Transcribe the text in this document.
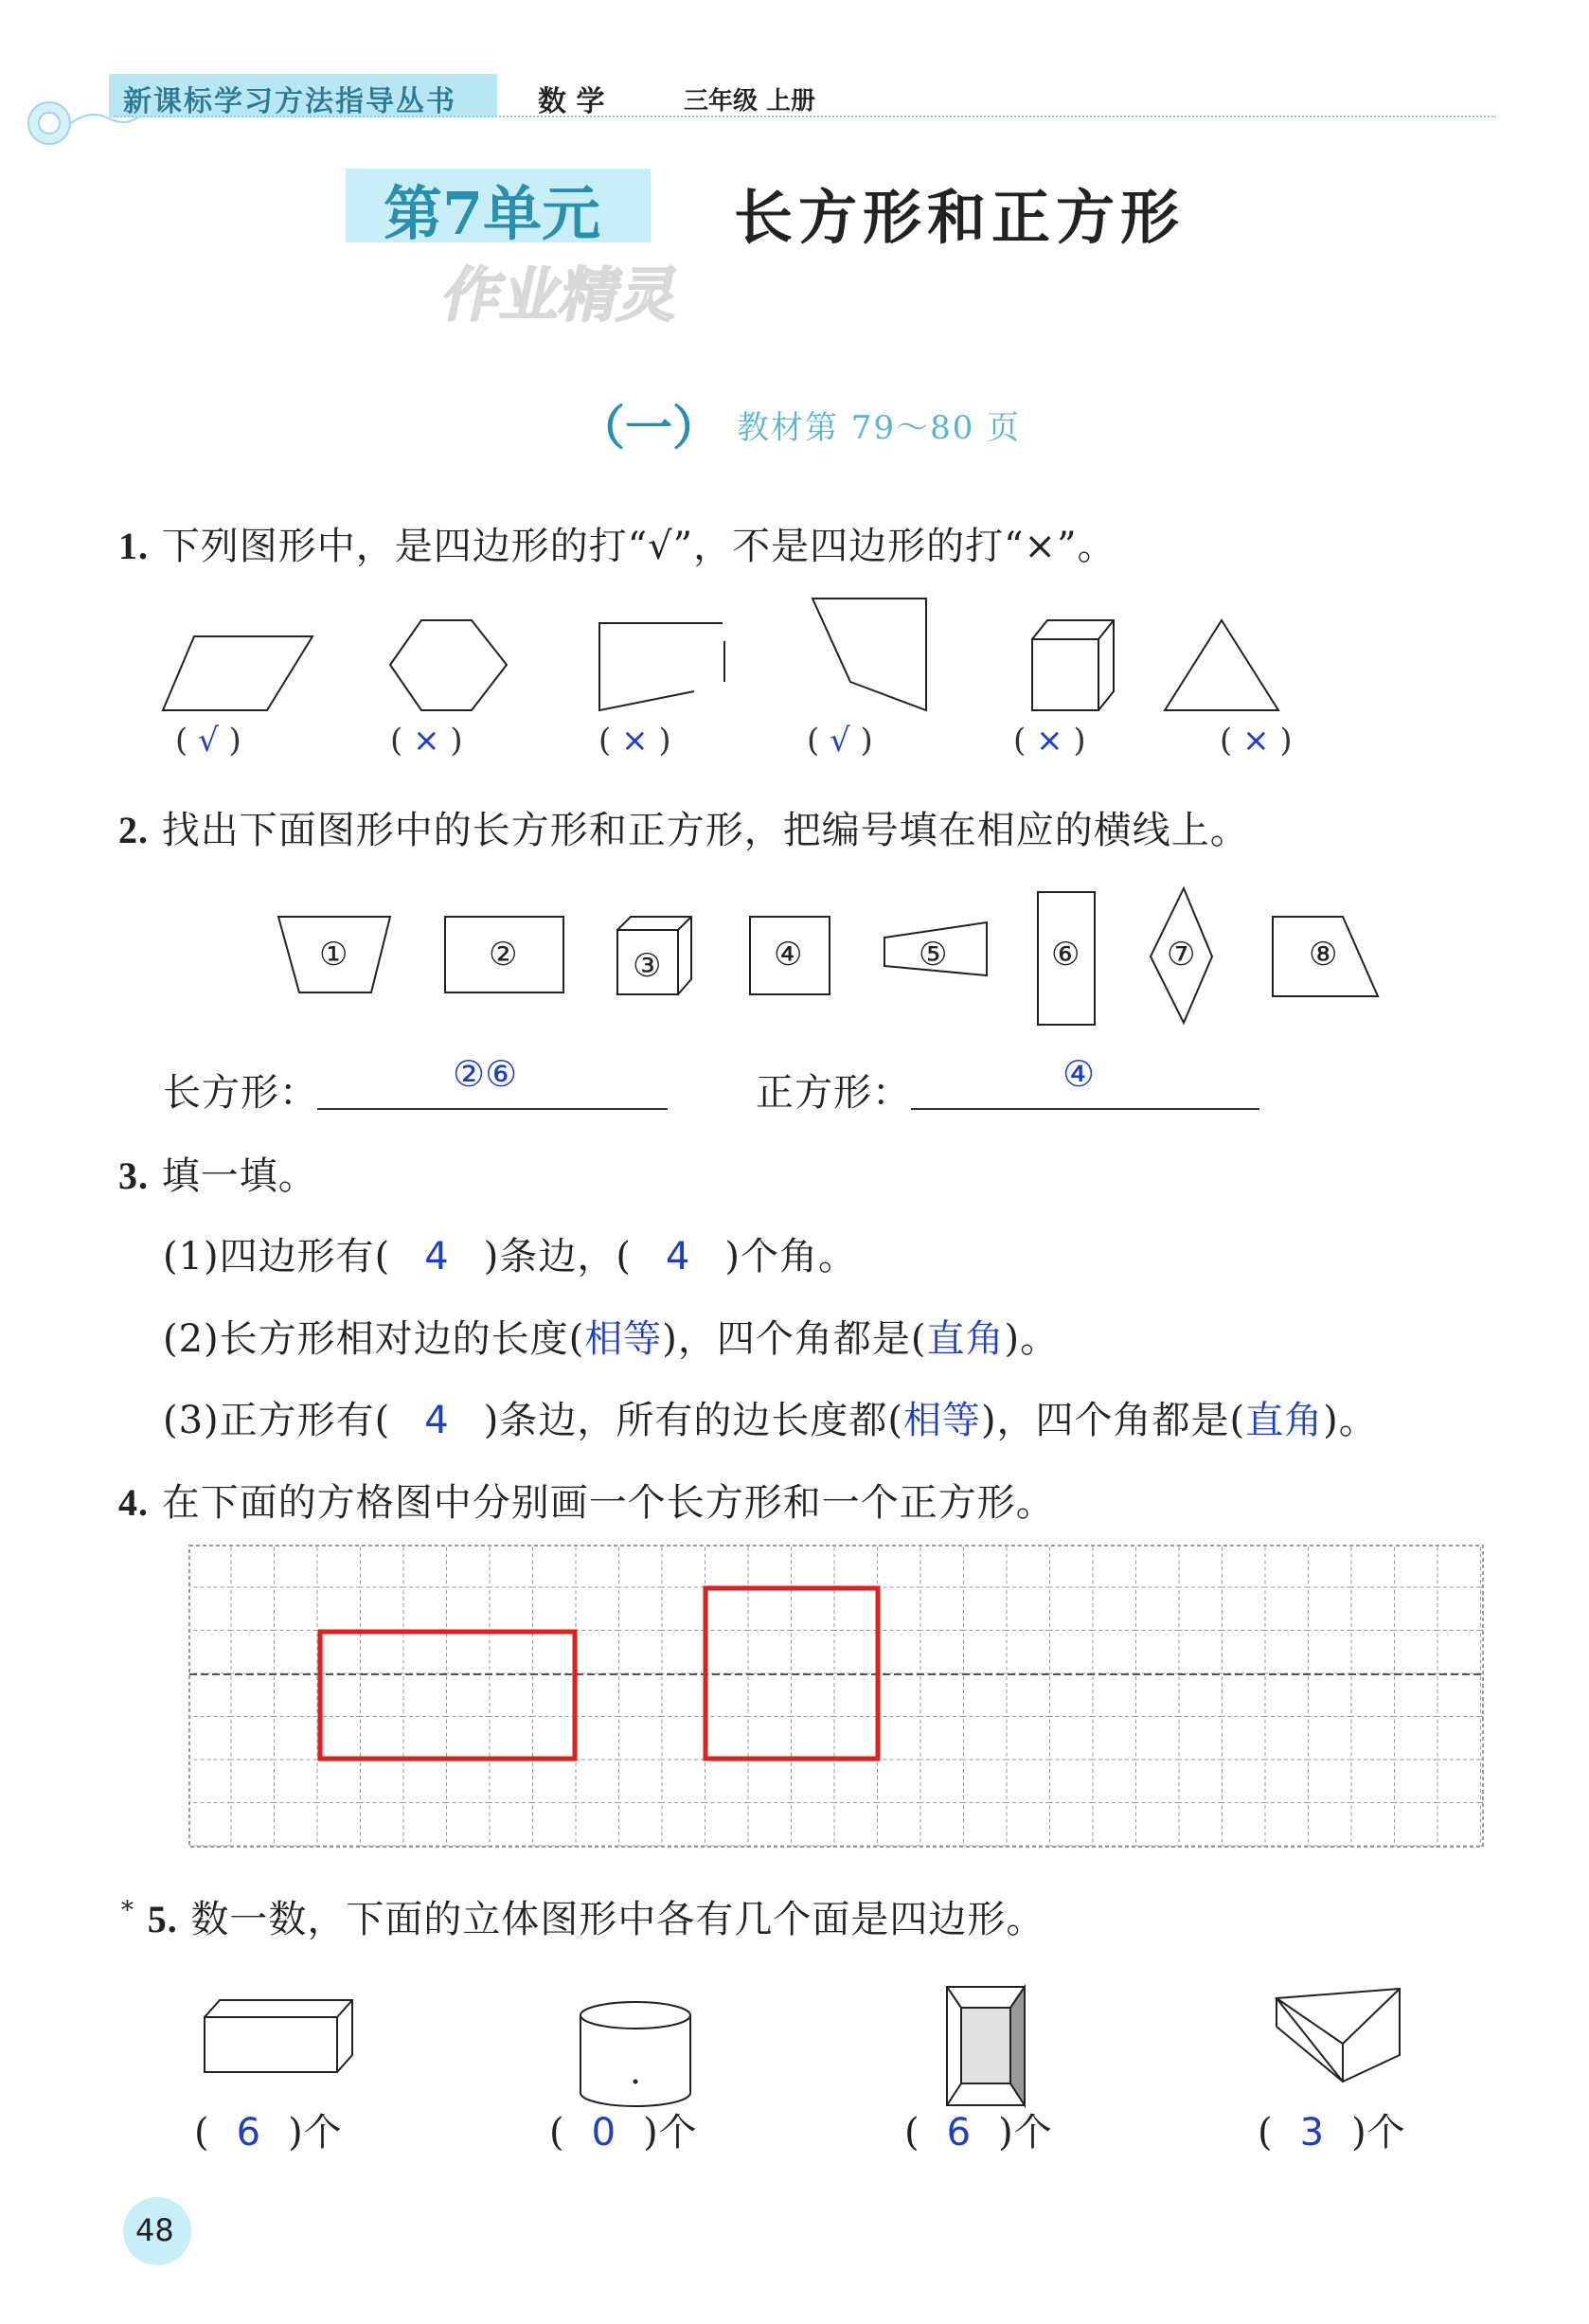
新课标学习方法指导丛书	数 学	三年级 上册
第7单元 长方形和正方形
作业精灵
（一） 教材第 79～80 页
1. 下列图形中，是四边形的打“√”，不是四边形的打“×”。
( √ )	( × )	( × )	( √ )	( × )	( × )
2. 找出下面图形中的长方形和正方形，把编号填在相应的横线上。
①	②	③	④	⑤	⑥	⑦	⑧
长方形：	②⑥	正方形：	④
3. 填一填。
(1)四边形有( 4 )条边，( 4 )个角。
(2)长方形相对边的长度(相等)，四个角都是(直角)。
(3)正方形有( 4 )条边，所有的边长度都(相等)，四个角都是(直角)。
4. 在下面的方格图中分别画一个长方形和一个正方形。
* 5. 数一数，下面的立体图形中各有几个面是四边形。
( 6 )个	( 0 )个	( 6 )个	( 3 )个
48
